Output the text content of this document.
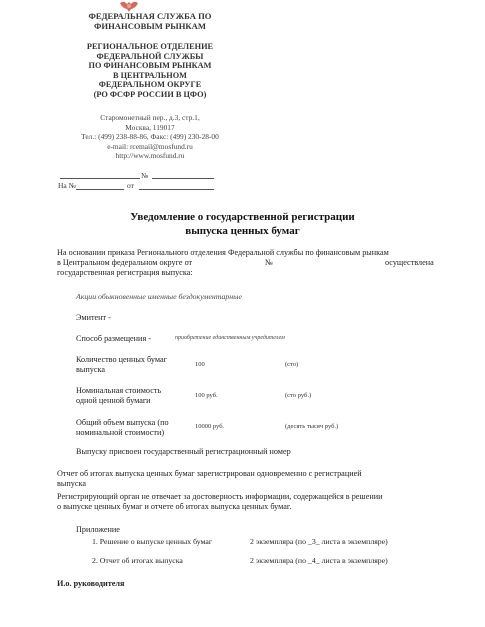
ФЕДЕРАЛЬНАЯ СЛУЖБА ПО
ФИНАНСОВЫМ РЫНКАМ
РЕГИОНАЛЬНОЕ ОТДЕЛЕНИЕ
ФЕДЕРАЛЬНОЙ СЛУЖБЫ
ПО ФИНАНСОВЫМ РЫНКАМ
В ЦЕНТРАЛЬНОМ
ФЕДЕРАЛЬНОМ ОКРУГЕ
(РО ФСФР РОССИИ В ЦФО)
Старомонетный пер., д.3, стр.1,
Москва, 119017
Тел.: (499) 238-88-86, Факс: (499) 230-28-00
e-mail: rcemail@mosfund.ru
http://www.mosfund.ru
№
На №	от
Уведомление о государственной регистрации
выпуска ценных бумаг
На основании приказа Регионального отделения Федеральной службы по финансовым рынкам
в Центральном федеральном округе от	№	осуществлена
государственная регистрация выпуска:
Акции обыкновенные именные бездокументарные
Эмитент -
Способ размещения -	приобретение единственным учредителем
Количество ценных бумаг
выпуска
100	(сто)
Номинальная стоимость
одной ценной бумаги
100 руб.	(сто руб.)
Общий объем выпуска (по
номинальной стоимости)
10000 руб.	(десять тысяч руб.)
Выпуску присвоен государственный регистрационный номер
Отчет об итогах выпуска ценных бумаг зарегистрирован одновременно с регистрацией
выпуска
Регистрирующий орган не отвечает за достоверность информации, содержащейся в решении
о выпуске ценных бумаг и отчете об итогах выпуска ценных бумаг.
Приложение
1. Решение о выпуске ценных бумаг	2 экземпляра (по _3_ листа в экземпляре)
2. Отчет об итогах выпуска	2 экземпляра (по _4_ листа в экземпляре)
И.о. руководителя
